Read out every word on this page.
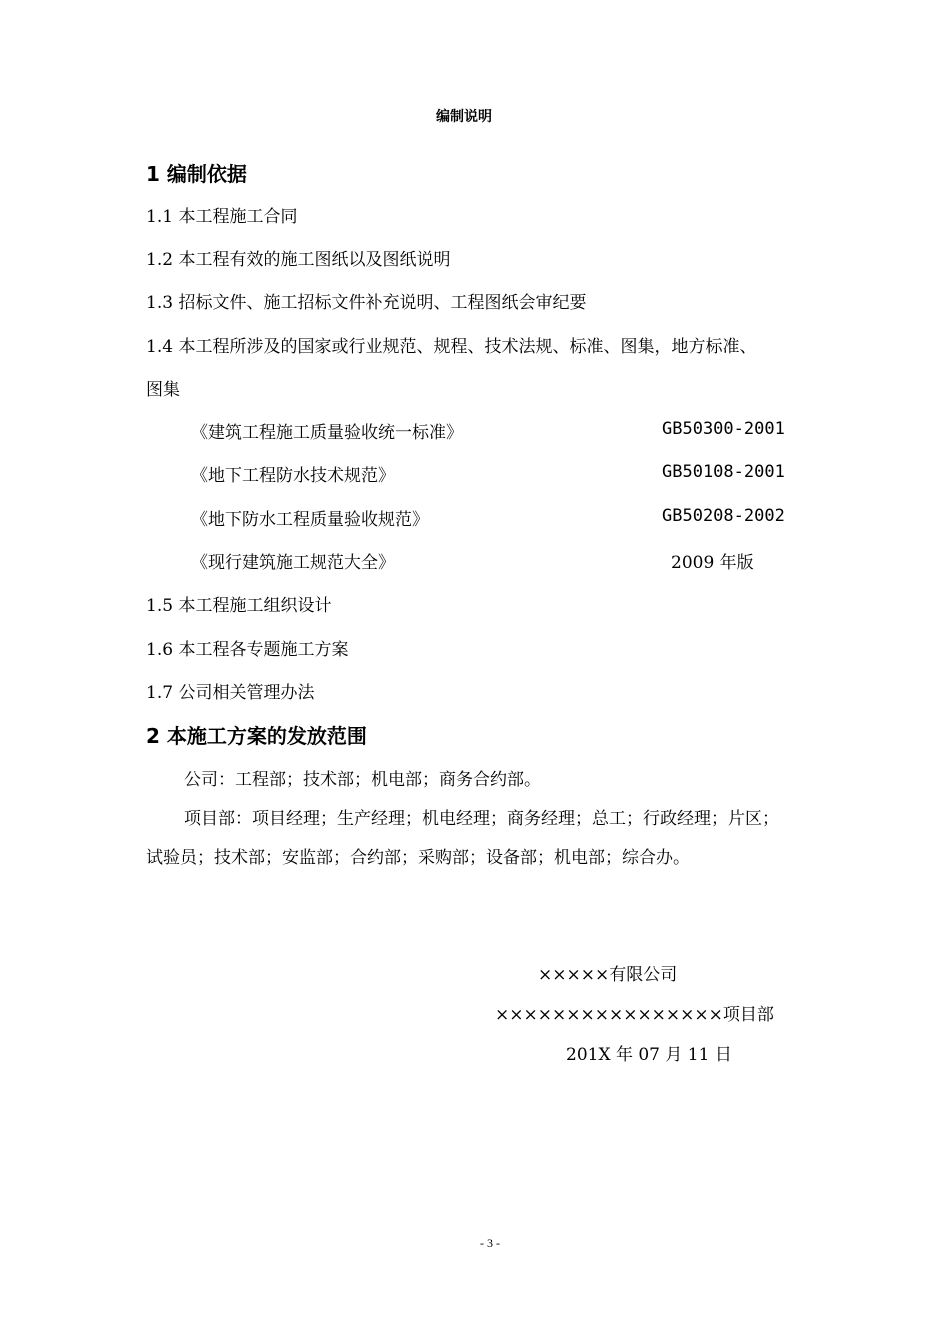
编制说明
1 编制依据
1.1 本工程施工合同
1.2 本工程有效的施工图纸以及图纸说明
1.3 招标文件、施工招标文件补充说明、工程图纸会审纪要
1.4 本工程所涉及的国家或行业规范、规程、技术法规、标准、图集，地方标准、
图集
《建筑工程施工质量验收统一标准》	GB50300-2001
《地下工程防水技术规范》	GB50108-2001
《地下防水工程质量验收规范》	GB50208-2002
《现行建筑施工规范大全》	2009 年版
1.5 本工程施工组织设计
1.6 本工程各专题施工方案
1.7 公司相关管理办法
2 本施工方案的发放范围
公司：工程部；技术部；机电部；商务合约部。
项目部：项目经理；生产经理；机电经理；商务经理；总工；行政经理；片区；
试验员；技术部；安监部；合约部；采购部；设备部；机电部；综合办。
×××××有限公司
××××××××××××××××项目部
201X 年 07 月 11 日
- 3 -
